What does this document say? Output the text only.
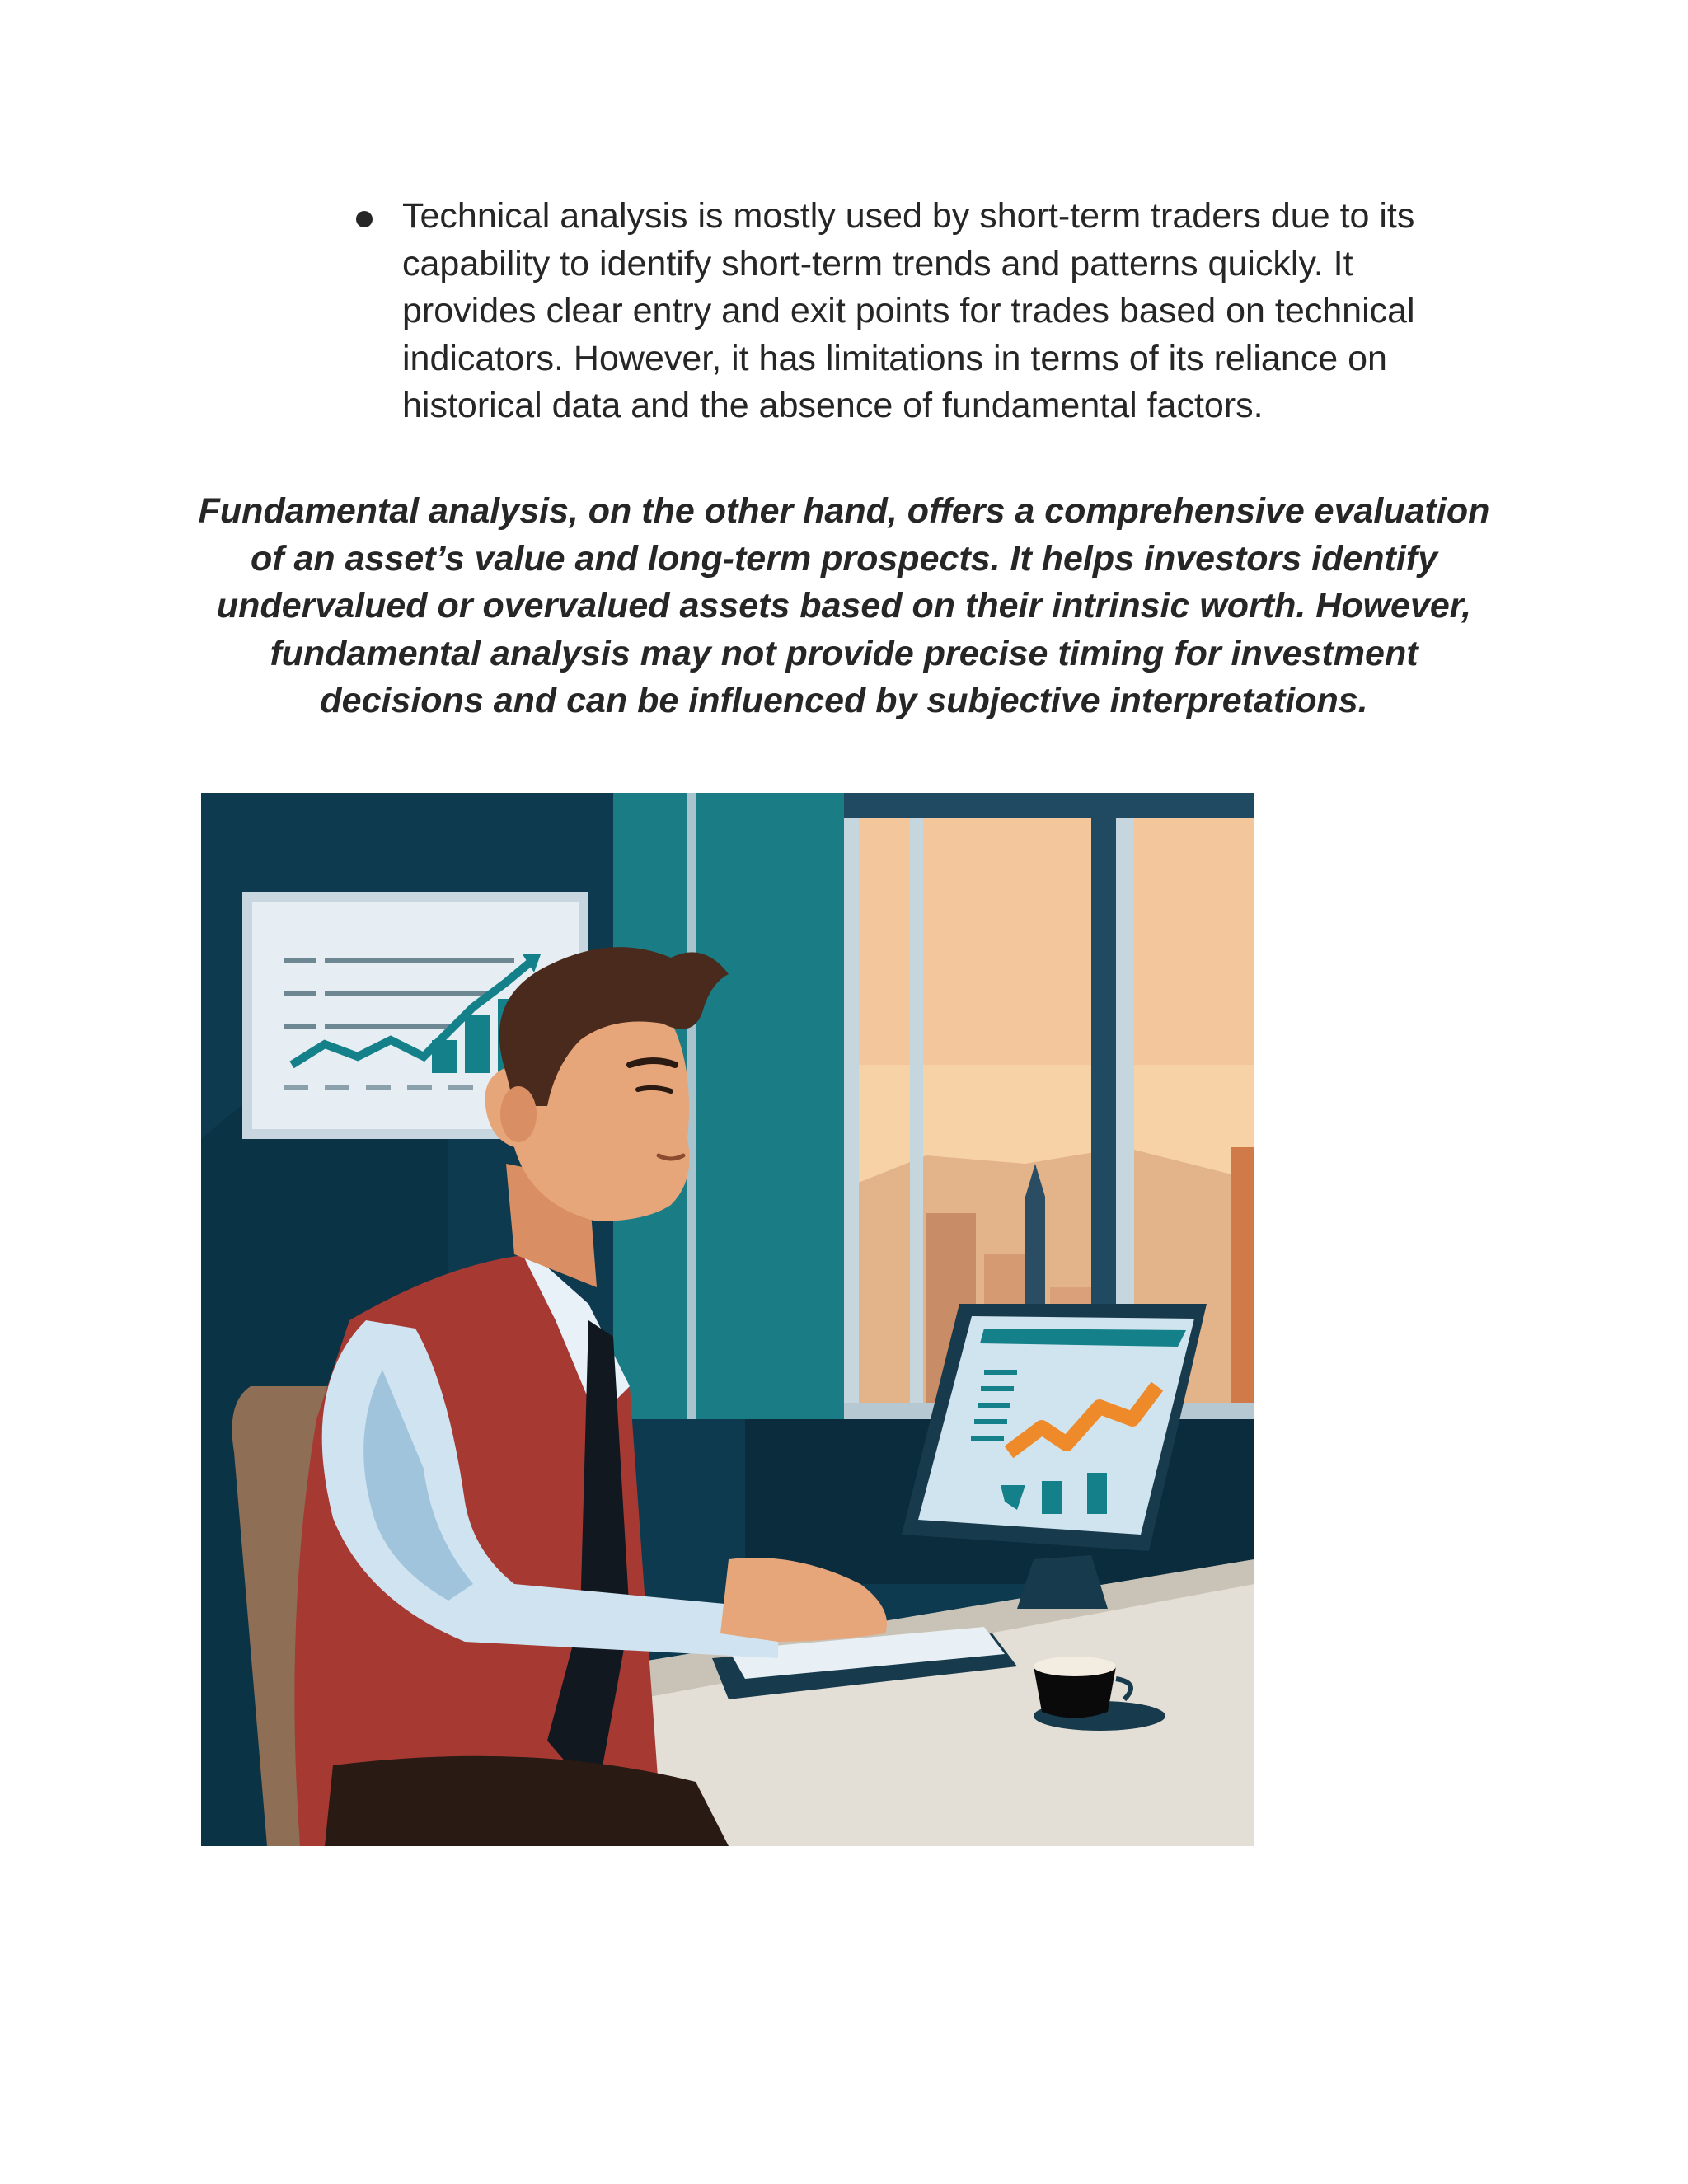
Technical analysis is mostly used by short-term traders due to its capability to identify short-term trends and patterns quickly. It provides clear entry and exit points for trades based on technical indicators. However, it has limitations in terms of its reliance on historical data and the absence of fundamental factors.

Fundamental analysis, on the other hand, offers a comprehensive evaluation of an asset’s value and long-term prospects. It helps investors identify undervalued or overvalued assets based on their intrinsic worth. However, fundamental analysis may not provide precise timing for investment decisions and can be influenced by subjective interpretations.
